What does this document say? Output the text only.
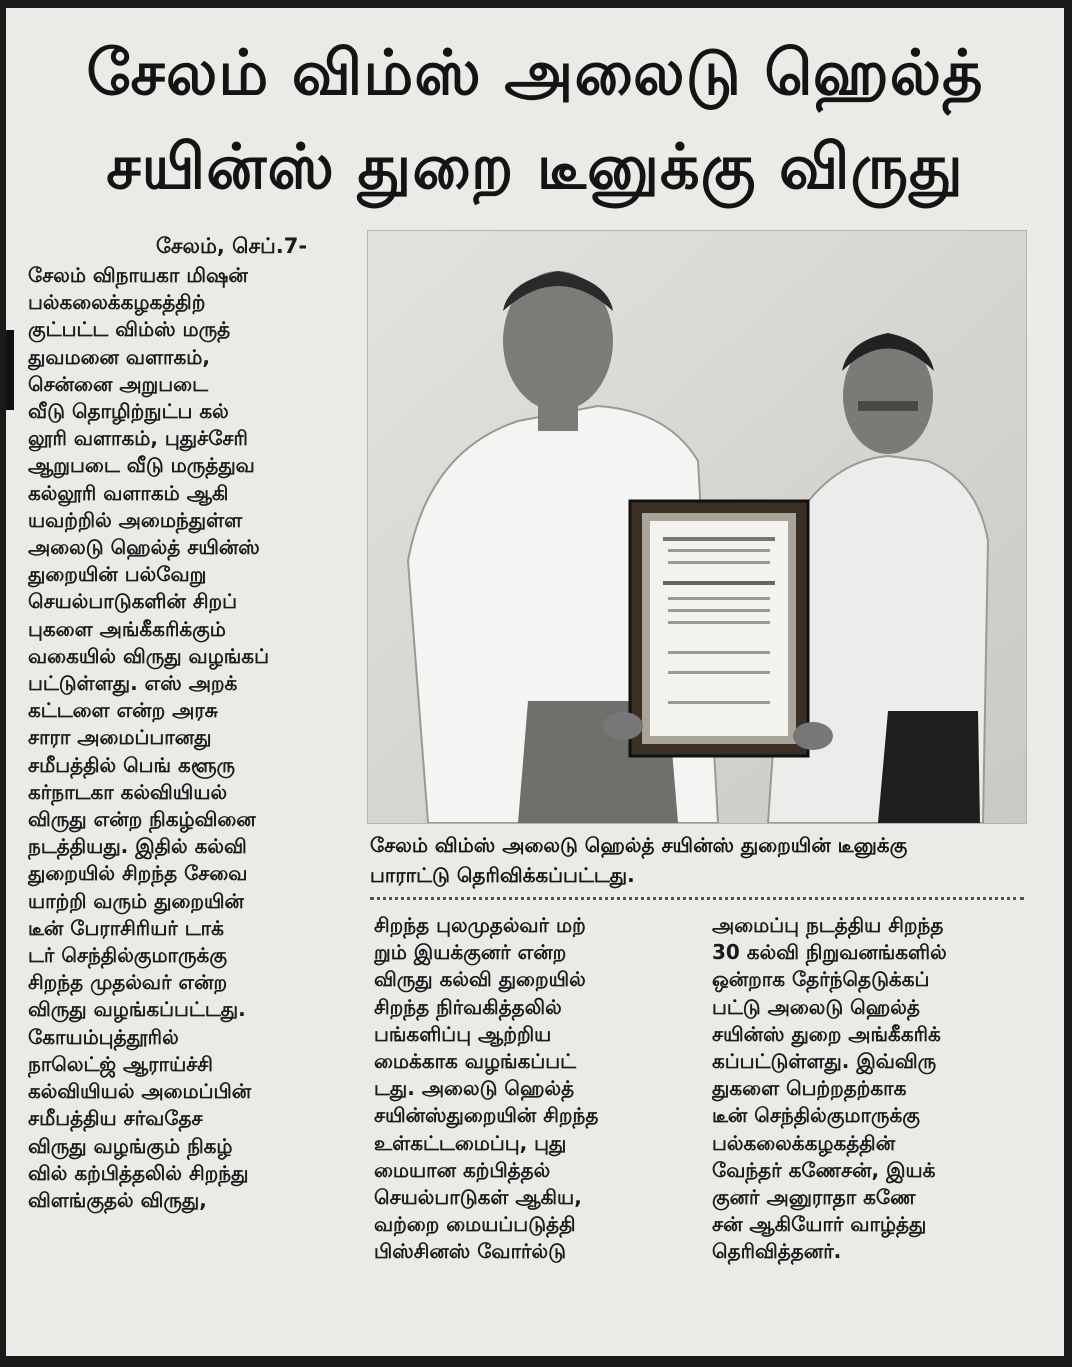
சேலம் விம்ஸ் அலைடு ஹெல்த்
சயின்ஸ் துறை டீனுக்கு விருது
சேலம், செப்.7-

சேலம் விநாயகா மிஷன்

பல்கலைக்கழகத்திற்

குட்பட்ட விம்ஸ் மருத்

துவமனை வளாகம்,

சென்னை அறுபடை

வீடு தொழிற்நுட்ப கல்

லூரி வளாகம், புதுச்சேரி

ஆறுபடை வீடு மருத்துவ

கல்லூரி வளாகம் ஆகி

யவற்றில் அமைந்துள்ள

அலைடு ஹெல்த் சயின்ஸ்

துறையின் பல்வேறு

செயல்பாடுகளின் சிறப்

புகளை அங்கீகரிக்கும்

வகையில் விருது வழங்கப்

பட்டுள்ளது. எஸ் அறக்

கட்டளை என்ற அரசு

சாரா அமைப்பானது

சமீபத்தில் பெங் களூரு

கர்நாடகா கல்வியியல்

விருது என்ற நிகழ்வினை

நடத்தியது. இதில் கல்வி

துறையில் சிறந்த சேவை

யாற்றி வரும் துறையின்

டீன் பேராசிரியர் டாக்

டர் செந்தில்குமாருக்கு

சிறந்த முதல்வர் என்ற

விருது வழங்கப்பட்டது.

கோயம்புத்தூரில்

நாலெட்ஜ் ஆராய்ச்சி

கல்வியியல் அமைப்பின்

சமீபத்திய சர்வதேச

விருது வழங்கும் நிகழ்

வில் கற்பித்தலில் சிறந்து

விளங்குதல் விருது,

சேலம் விம்ஸ் அலைடு ஹெல்த் சயின்ஸ் துறையின் டீனுக்கு
பாராட்டு தெரிவிக்கப்பட்டது.

சிறந்த புலமுதல்வர் மற்

றும் இயக்குனர் என்ற

விருது கல்வி துறையில்

சிறந்த நிர்வகித்தலில்

பங்களிப்பு ஆற்றிய

மைக்காக வழங்கப்பட்

டது. அலைடு ஹெல்த்

சயின்ஸ்துறையின் சிறந்த

உள்கட்டமைப்பு, புது

மையான கற்பித்தல்

செயல்பாடுகள் ஆகிய,

வற்றை மையப்படுத்தி

பிஸ்சினஸ் வோர்ல்டு

அமைப்பு நடத்திய சிறந்த

30 கல்வி நிறுவனங்களில்

ஒன்றாக தேர்ந்தெடுக்கப்

பட்டு அலைடு ஹெல்த்

சயின்ஸ் துறை அங்கீகரிக்

கப்பட்டுள்ளது. இவ்விரு

துகளை பெற்றதற்காக

டீன் செந்தில்குமாருக்கு

பல்கலைக்கழகத்தின்

வேந்தர் கணேசன், இயக்

குனர் அனுராதா கணே

சன் ஆகியோர் வாழ்த்து

தெரிவித்தனர்.
